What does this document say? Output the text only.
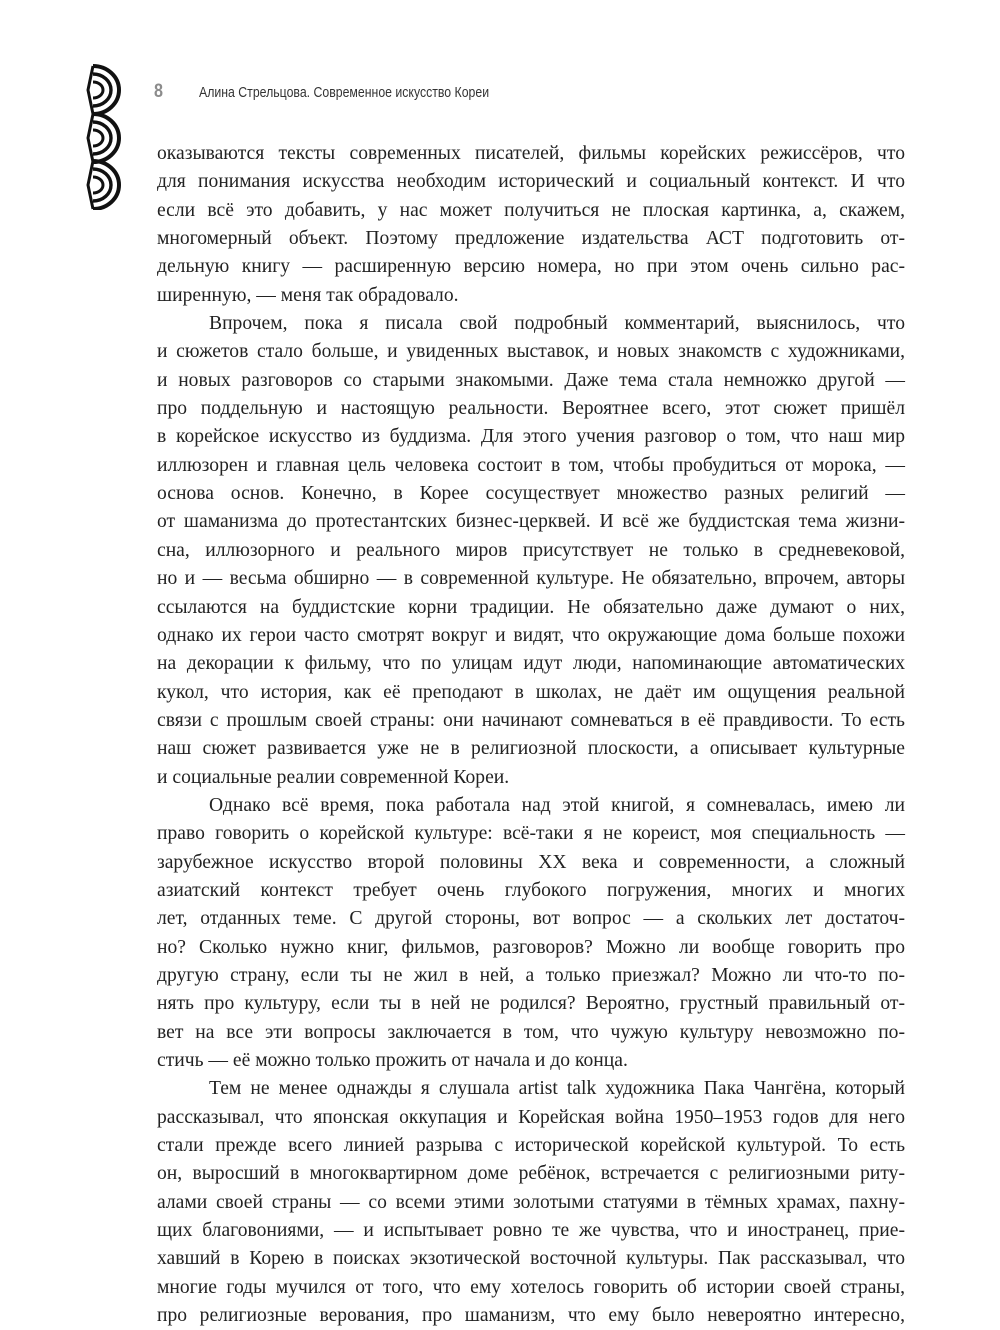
8	Алина Стрельцова. Современное искусство Кореи
оказываются тексты современных писателей, фильмы корейских режиссёров, что
для понимания искусства необходим исторический и социальный контекст. И что
если всё это добавить, у нас может получиться не плоская картинка, а, скажем,
многомерный объект. Поэтому предложение издательства АСТ подготовить от-
дельную книгу — расширенную версию номера, но при этом очень сильно рас-
ширенную, — меня так обрадовало.
Впрочем, пока я писала свой подробный комментарий, выяснилось, что
и сюжетов стало больше, и увиденных выставок, и новых знакомств с художниками,
и новых разговоров со старыми знакомыми. Даже тема стала немножко другой —
про поддельную и настоящую реальности. Вероятнее всего, этот сюжет пришёл
в корейское искусство из буддизма. Для этого учения разговор о том, что наш мир
иллюзорен и главная цель человека состоит в том, чтобы пробудиться от морока, —
основа основ. Конечно, в Корее сосуществует множество разных религий —
от шаманизма до протестантских бизнес-церквей. И всё же буддистская тема жизни-
сна, иллюзорного и реального миров присутствует не только в средневековой,
но и — весьма обширно — в современной культуре. Не обязательно, впрочем, авторы
ссылаются на буддистские корни традиции. Не обязательно даже думают о них,
однако их герои часто смотрят вокруг и видят, что окружающие дома больше похожи
на декорации к фильму, что по улицам идут люди, напоминающие автоматических
кукол, что история, как её преподают в школах, не даёт им ощущения реальной
связи с прошлым своей страны: они начинают сомневаться в её правдивости. То есть
наш сюжет развивается уже не в религиозной плоскости, а описывает культурные
и социальные реалии современной Кореи.
Однако всё время, пока работала над этой книгой, я сомневалась, имею ли
право говорить о корейской культуре: всё-таки я не кореист, моя специальность —
зарубежное искусство второй половины XX века и современности, а сложный
азиатский контекст требует очень глубокого погружения, многих и многих
лет, отданных теме. С другой стороны, вот вопрос — а скольких лет достаточ-
но? Сколько нужно книг, фильмов, разговоров? Можно ли вообще говорить про
другую страну, если ты не жил в ней, а только приезжал? Можно ли что-то по-
нять про культуру, если ты в ней не родился? Вероятно, грустный правильный от-
вет на все эти вопросы заключается в том, что чужую культуру невозможно по-
стичь — её можно только прожить от начала и до конца.
Тем не менее однажды я слушала artist talk художника Пака Чангёна, который
рассказывал, что японская оккупация и Корейская война 1950–1953 годов для него
стали прежде всего линией разрыва с исторической корейской культурой. То есть
он, выросший в многоквартирном доме ребёнок, встречается с религиозными риту-
алами своей страны — со всеми этими золотыми статуями в тёмных храмах, пахну-
щих благовониями, — и испытывает ровно те же чувства, что и иностранец, прие-
хавший в Корею в поисках экзотической восточной культуры. Пак рассказывал, что
многие годы мучился от того, что ему хотелось говорить об истории своей страны,
про религиозные верования, про шаманизм, что ему было невероятно интересно,
